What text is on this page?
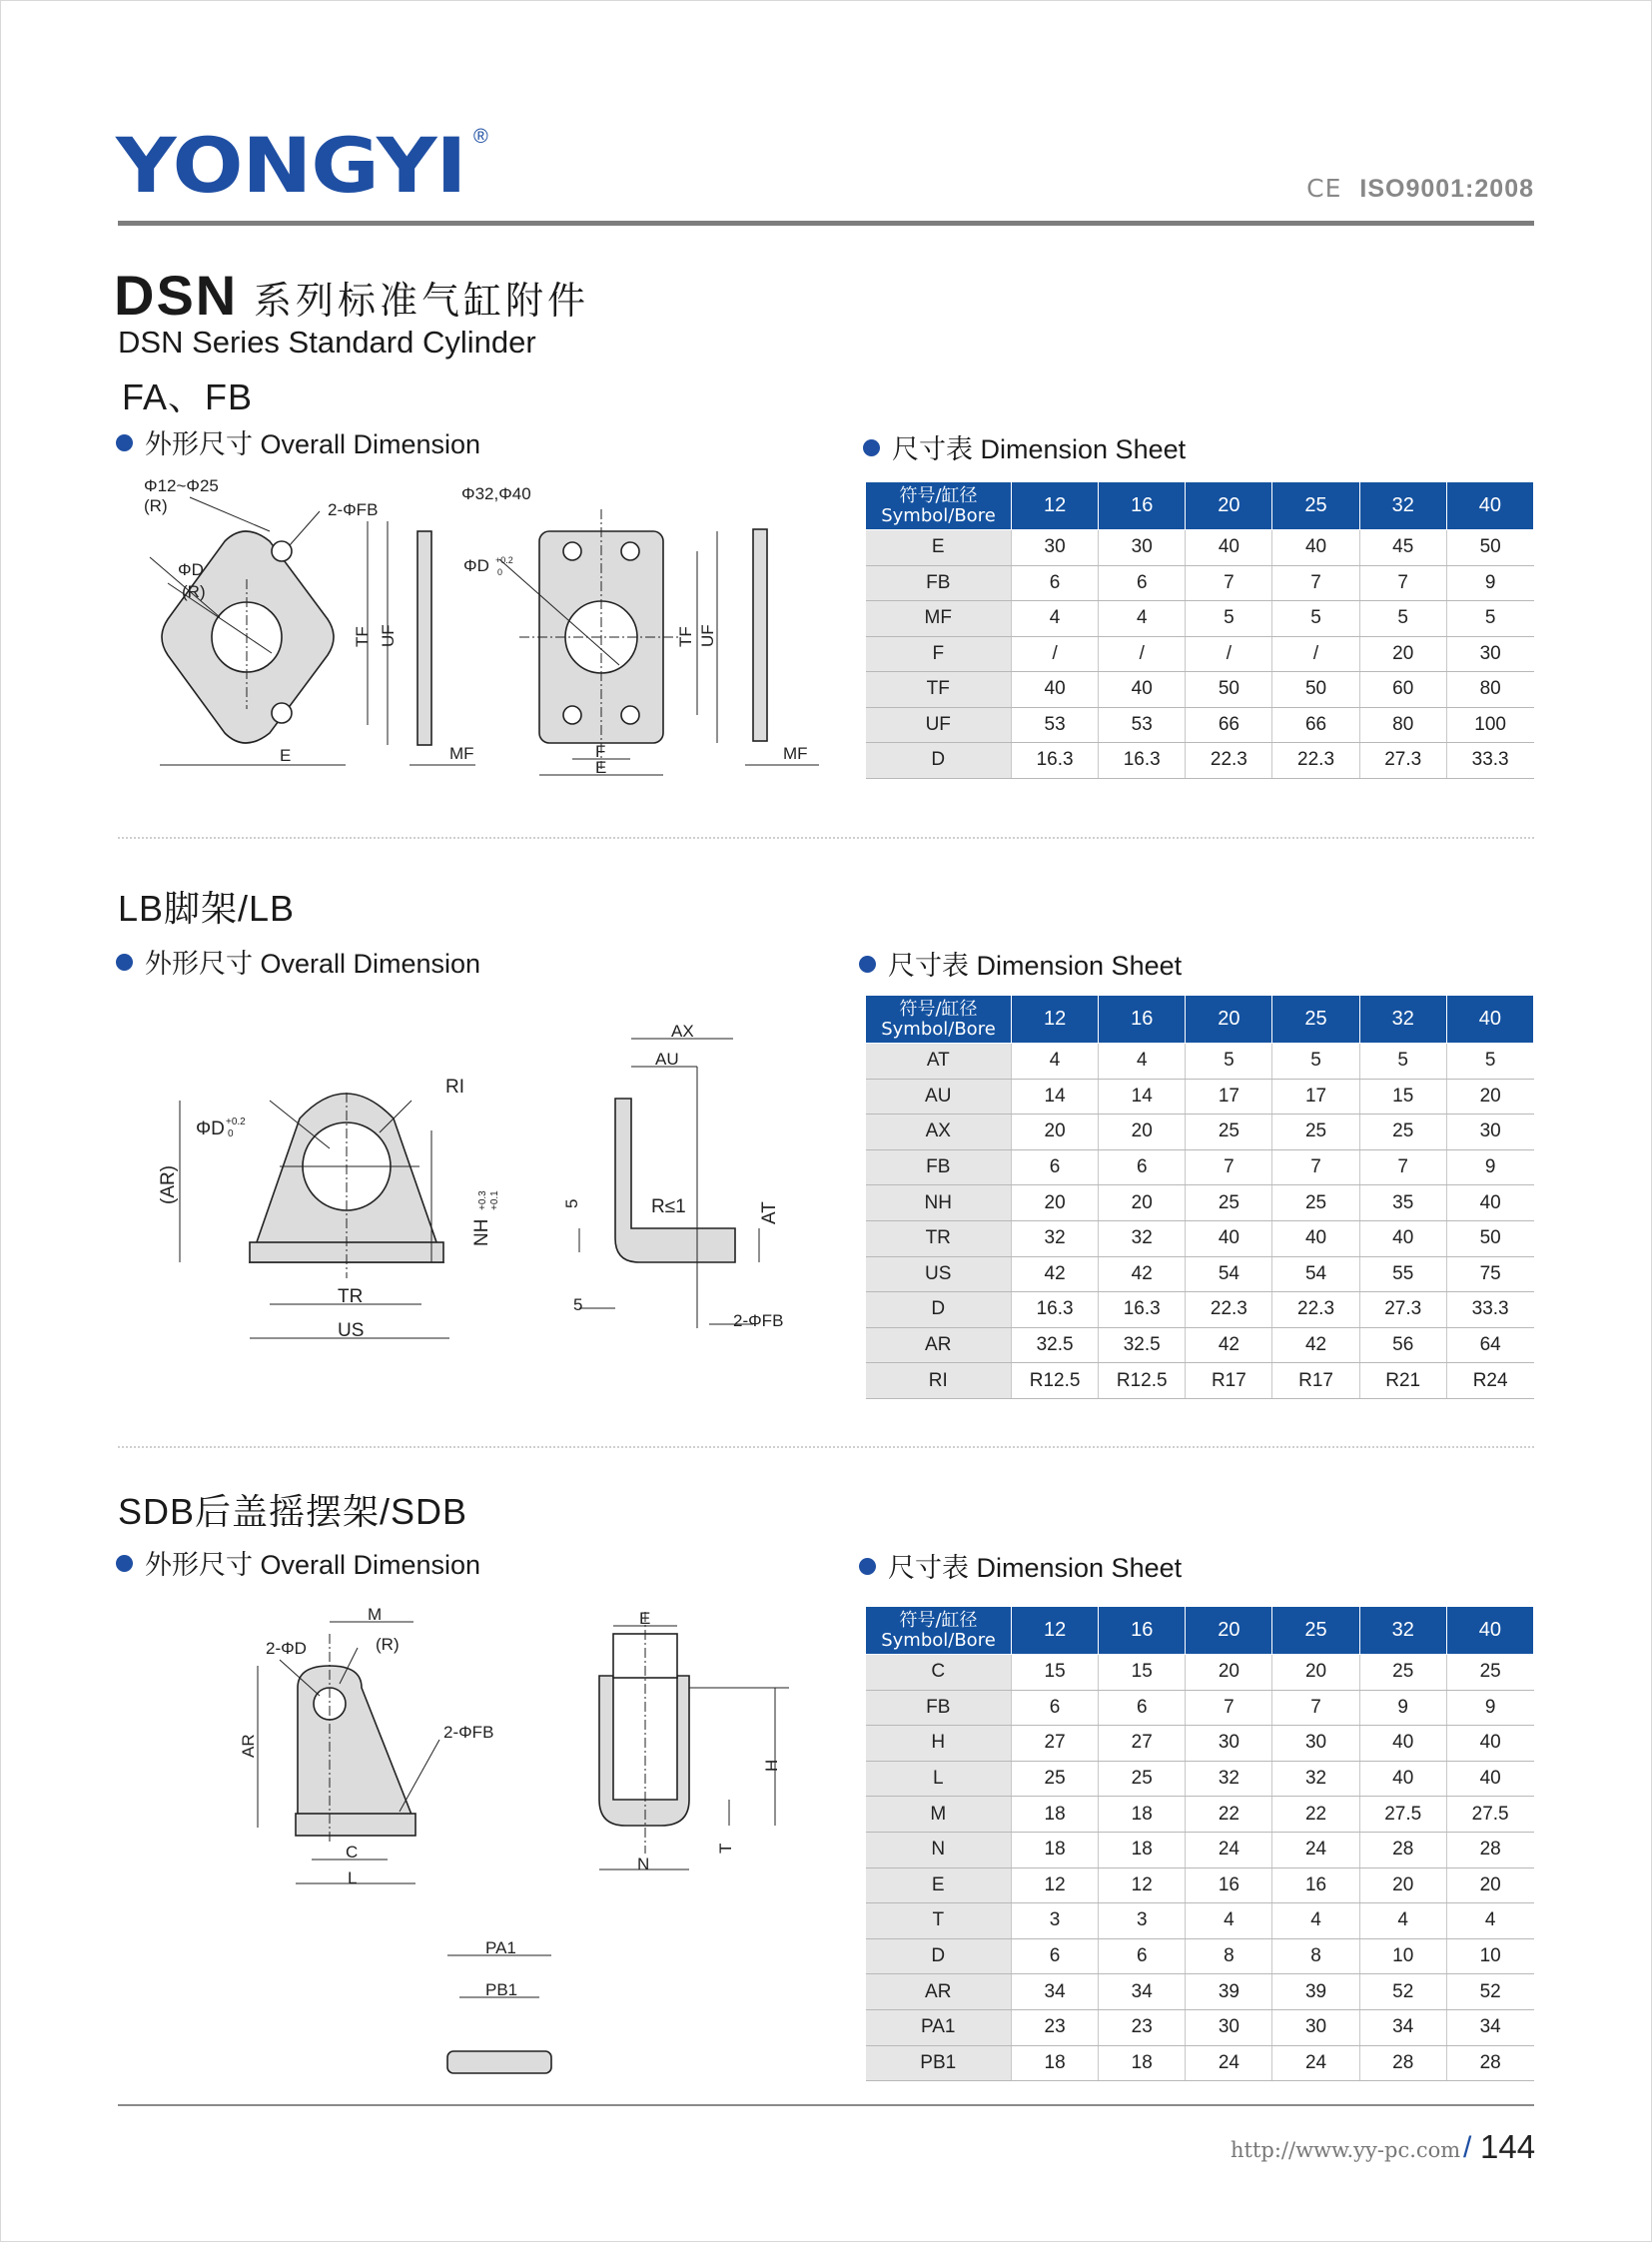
YONGYI ®
CE ISO9001:2008
DSN 系列标准气缸附件
DSN Series Standard Cylinder
FA、FB
外形尺寸 Overall Dimension	尺寸表 Dimension Sheet
Φ12~Φ25
(R)	2-ΦFB
ΦD
(R)
TF UF
E	MF
Φ32,Φ40
ΦD +0.2
0
TF UF
F
E
MF
符号/缸径
Symbol/Bore	12	16	20	25	32	40
E	30	30	40	40	45	50
FB	6	6	7	7	7	9
MF	4	4	5	5	5	5
F	/	/	/	/	20	30
TF	40	40	50	50	60	80
UF	53	53	66	66	80	100
D	16.3	16.3	22.3	22.3	27.3	33.3
LB脚架/LB
外形尺寸 Overall Dimension	尺寸表 Dimension Sheet
RI
ΦD +0.2
0
(AR)
NH
+0.3 +0.1
TR
US
AX
AU
5	R≤1	AT
5
2-ΦFB
符号/缸径
Symbol/Bore	12	16	20	25	32	40
AT	4	4	5	5	5	5
AU	14	14	17	17	15	20
AX	20	20	25	25	25	30
FB	6	6	7	7	7	9
NH	20	20	25	25	35	40
TR	32	32	40	40	40	50
US	42	42	54	54	55	75
D	16.3	16.3	22.3	22.3	27.3	33.3
AR	32.5	32.5	42	42	56	64
RI	R12.5	R12.5	R17	R17	R21	R24
SDB后盖摇摆架/SDB
外形尺寸 Overall Dimension	尺寸表 Dimension Sheet
M
2-ΦD	(R)
2-ΦFB
AR
C
L
E
H
T
N
PA1
PB1
符号/缸径
Symbol/Bore	12	16	20	25	32	40
C	15	15	20	20	25	25
FB	6	6	7	7	9	9
H	27	27	30	30	40	40
L	25	25	32	32	40	40
M	18	18	22	22	27.5	27.5
N	18	18	24	24	28	28
E	12	12	16	16	20	20
T	3	3	4	4	4	4
D	6	6	8	8	10	10
AR	34	34	39	39	52	52
PA1	23	23	30	30	34	34
PB1	18	18	24	24	28	28
http://www.yy-pc.com / 144
